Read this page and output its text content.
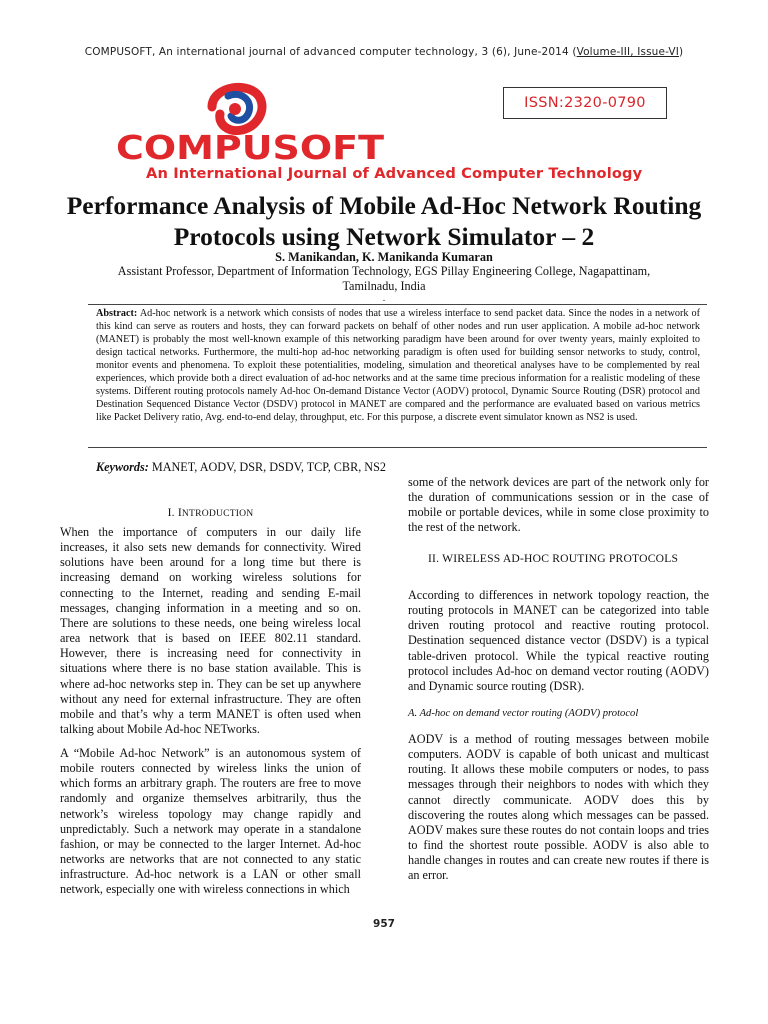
COMPUSOFT, An international journal of advanced computer technology, 3 (6), June-2014 (Volume-III, Issue-VI)
COMPUSOFT
An International Journal of Advanced Computer Technology
ISSN:2320-0790
Performance Analysis of Mobile Ad-Hoc Network Routing
Protocols using Network Simulator – 2
S. Manikandan, K. Manikanda Kumaran
Assistant Professor, Department of Information Technology, EGS Pillay Engineering College, Nagapattinam,
Tamilnadu, India
.
Abstract: Ad-hoc network is a network which consists of nodes that use a wireless interface to send packet data. Since the nodes in a network of this kind can serve as routers and hosts, they can forward packets on behalf of other nodes and run user application. A mobile ad-hoc network (MANET) is probably the most well-known example of this networking paradigm have been around for over twenty years, mainly exploited to design tactical networks. Furthermore, the multi-hop ad-hoc networking paradigm is often used for building sensor networks to study, control, monitor events and phenomena. To exploit these potentialities, modeling, simulation and theoretical analyses have to be complemented by real experiences, which provide both a direct evaluation of ad-hoc networks and at the same time precious information for a realistic modeling of these systems. Different routing protocols namely Ad-hoc On-demand Distance Vector (AODV) protocol, Dynamic Source Routing (DSR) protocol and Destination Sequenced Distance Vector (DSDV) protocol in MANET are compared and the performance are evaluated based on various metrics like Packet Delivery ratio, Avg. end-to-end delay, throughput, etc. For this purpose, a discrete event simulator known as NS2 is used.
Keywords: MANET, AODV, DSR, DSDV, TCP, CBR, NS2
I. INTRODUCTION

When the importance of computers in our daily life increases, it also sets new demands for connectivity. Wired solutions have been around for a long time but there is increasing demand on working wireless solutions for connecting to the Internet, reading and sending E-mail messages, changing information in a meeting and so on. There are solutions to these needs, one being wireless local area network that is based on IEEE 802.11 standard. However, there is increasing need for connectivity in situations where there is no base station available. This is where ad-hoc networks step in. They can be set up anywhere without any need for external infrastructure. They are often mobile and that’s why a term MANET is often used when talking about Mobile Ad-hoc NETworks.

A “Mobile Ad-hoc Network” is an autonomous system of mobile routers connected by wireless links the union of which forms an arbitrary graph. The routers are free to move randomly and organize themselves arbitrarily, thus the network’s wireless topology may change rapidly and unpredictably. Such a network may operate in a standalone fashion, or may be connected to the larger Internet. Ad-hoc networks are networks that are not connected to any static infrastructure. Ad-hoc network is a LAN or other small network, especially one with wireless connections in which

some of the network devices are part of the network only for the duration of communications session or in the case of mobile or portable devices, while in some close proximity to the rest of the network.

II. WIRELESS AD-HOC ROUTING PROTOCOLS

According to differences in network topology reaction, the routing protocols in MANET can be categorized into table driven routing protocol and reactive routing protocol. Destination sequenced distance vector (DSDV) is a typical table-driven protocol. While the typical reactive routing protocol includes Ad-hoc on demand vector routing (AODV) and Dynamic source routing (DSR).

A. Ad-hoc on demand vector routing (AODV) protocol

AODV is a method of routing messages between mobile computers. AODV is capable of both unicast and multicast routing. It allows these mobile computers or nodes, to pass messages through their neighbors to nodes with which they cannot directly communicate. AODV does this by discovering the routes along which messages can be passed. AODV makes sure these routes do not contain loops and tries to find the shortest route possible. AODV is also able to handle changes in routes and can create new routes if there is an error.

957
